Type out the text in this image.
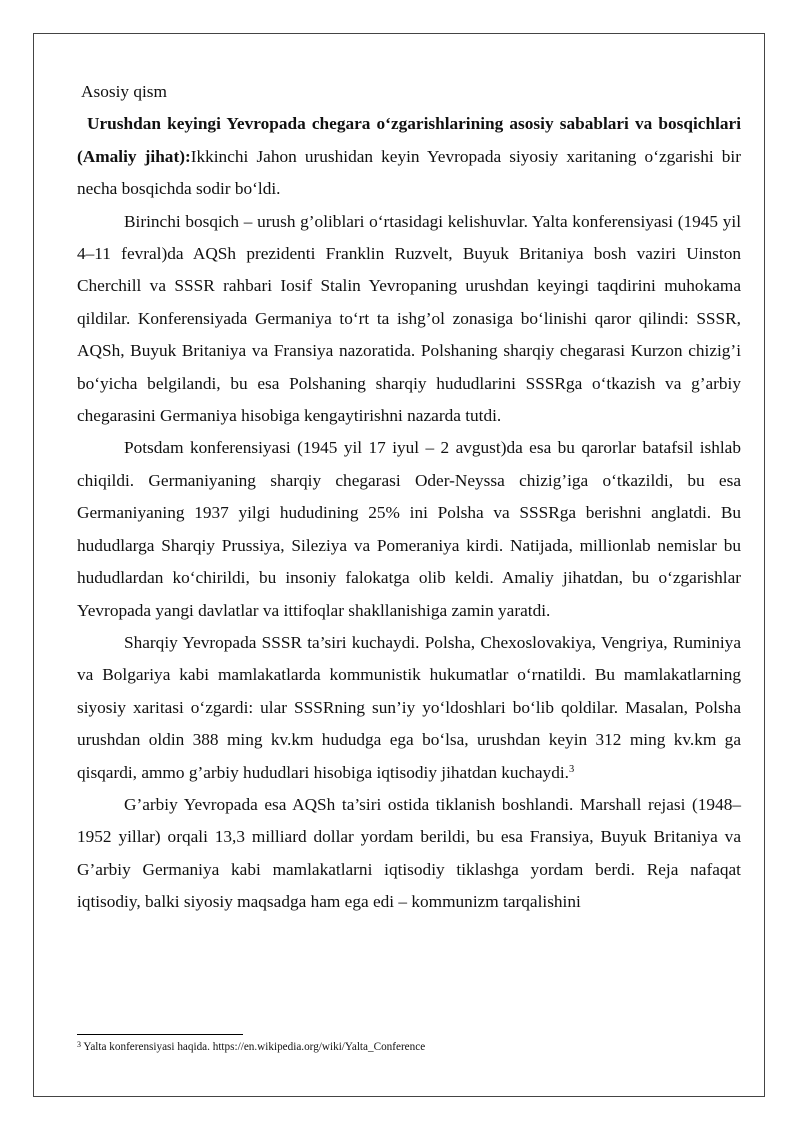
Asosiy qism

Urushdan keyingi Yevropada chegara o‘zgarishlarining asosiy sabablari va bosqichlari (Amaliy jihat):Ikkinchi Jahon urushidan keyin Yevropada siyosiy xaritaning o‘zgarishi bir necha bosqichda sodir bo‘ldi.

Birinchi bosqich – urush g’oliblari o‘rtasidagi kelishuvlar. Yalta konferensiyasi (1945 yil 4–11 fevral)da AQSh prezidenti Franklin Ruzvelt, Buyuk Britaniya bosh vaziri Uinston Cherchill va SSSR rahbari Iosif Stalin Yevropaning urushdan keyingi taqdirini muhokama qildilar. Konferensiyada Germaniya to‘rt ta ishg’ol zonasiga bo‘linishi qaror qilindi: SSSR, AQSh, Buyuk Britaniya va Fransiya nazoratida. Polshaning sharqiy chegarasi Kurzon chizig’i bo‘yicha belgilandi, bu esa Polshaning sharqiy hududlarini SSSRga o‘tkazish va g’arbiy chegarasini Germaniya hisobiga kengaytirishni nazarda tutdi.

Potsdam konferensiyasi (1945 yil 17 iyul – 2 avgust)da esa bu qarorlar batafsil ishlab chiqildi. Germaniyaning sharqiy chegarasi Oder-Neyssa chizig’iga o‘tkazildi, bu esa Germaniyaning 1937 yilgi hududining 25% ini Polsha va SSSRga berishni anglatdi. Bu hududlarga Sharqiy Prussiya, Sileziya va Pomeraniya kirdi. Natijada, millionlab nemislar bu hududlardan ko‘chirildi, bu insoniy falokatga olib keldi. Amaliy jihatdan, bu o‘zgarishlar Yevropada yangi davlatlar va ittifoqlar shakllanishiga zamin yaratdi.

Sharqiy Yevropada SSSR ta’siri kuchaydi. Polsha, Chexoslovakiya, Vengriya, Ruminiya va Bolgariya kabi mamlakatlarda kommunistik hukumatlar o‘rnatildi. Bu mamlakatlarning siyosiy xaritasi o‘zgardi: ular SSSRning sun’iy yo‘ldoshlari bo‘lib qoldilar. Masalan, Polsha urushdan oldin 388 ming kv.km hududga ega bo‘lsa, urushdan keyin 312 ming kv.km ga qisqardi, ammo g’arbiy hududlari hisobiga iqtisodiy jihatdan kuchaydi.$^3$

G’arbiy Yevropada esa AQSh ta’siri ostida tiklanish boshlandi. Marshall rejasi (1948–1952 yillar) orqali 13,3 milliard dollar yordam berildi, bu esa Fransiya, Buyuk Britaniya va G’arbiy Germaniya kabi mamlakatlarni iqtisodiy tiklashga yordam berdi. Reja nafaqat iqtisodiy, balki siyosiy maqsadga ham ega edi – kommunizm tarqalishini

$^3$ Yalta konferensiyasi haqida. https://en.wikipedia.org/wiki/Yalta_Conference
